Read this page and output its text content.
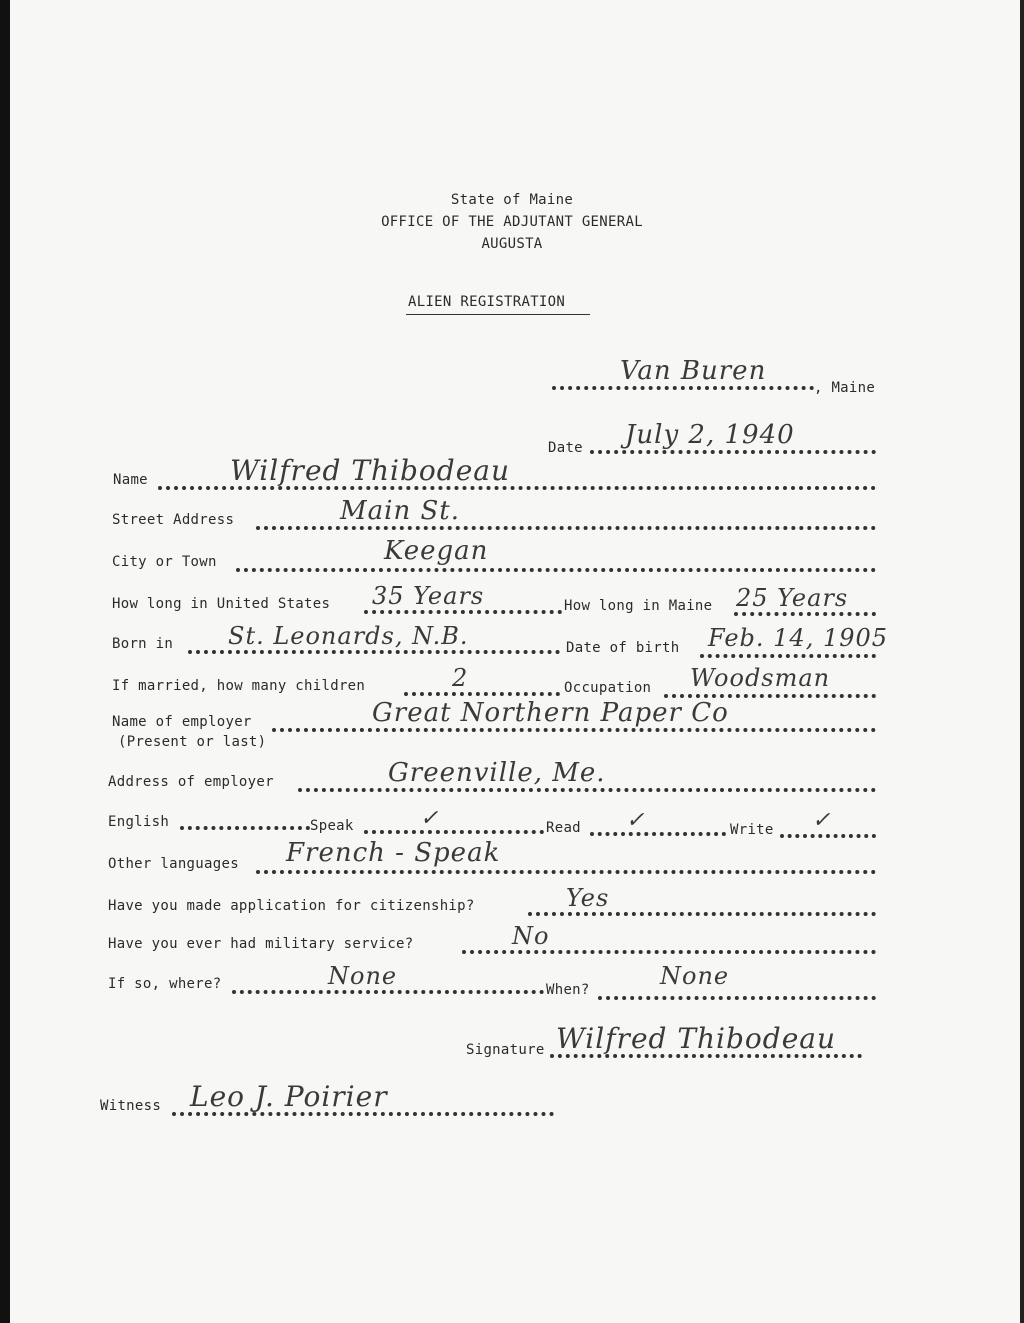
State of Maine
OFFICE OF THE ADJUTANT GENERAL
AUGUSTA
ALIEN REGISTRATION
Van Buren
, Maine
Date July 2, 1940
Name	Wilfred Thibodeau
Street Address	Main St.
City or Town	Keegan
How long in United States 35 Years	How long in Maine 25 Years
Born in St. Leonards, N.B.	Date of birth Feb. 14, 1905
If married, how many children	2	Occupation Woodsman
Name of employer
(Present or last)
Great Northern Paper Co
Address of employer	Greenville, Me.
English	Speak	✓	Read ✓	Write ✓
Other languages French - Speak
Have you made application for citizenship?	Yes
Have you ever had military service?	No
If so, where?	None	When?	None
Signature Wilfred Thibodeau
Witness Leo J. Poirier
